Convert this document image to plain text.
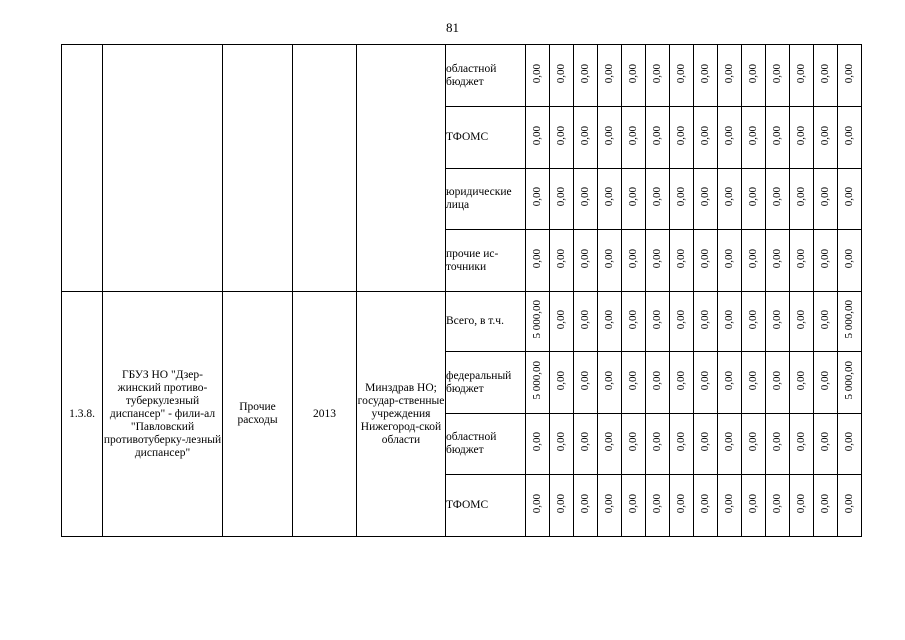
81
					областной бюджет	0,00	0,00	0,00	0,00	0,00	0,00	0,00	0,00	0,00	0,00	0,00	0,00	0,00	0,00
					ТФОМС	0,00	0,00	0,00	0,00	0,00	0,00	0,00	0,00	0,00	0,00	0,00	0,00	0,00	0,00
					юридические лица	0,00	0,00	0,00	0,00	0,00	0,00	0,00	0,00	0,00	0,00	0,00	0,00	0,00	0,00
					прочие ис-точники	0,00	0,00	0,00	0,00	0,00	0,00	0,00	0,00	0,00	0,00	0,00	0,00	0,00	0,00
1.3.8.	ГБУЗ НО "Дзер-жинский противо-туберкулезный диспансер" - фили-ал "Павловский противотуберку-лезный диспансер"	Прочие расходы	2013	Минздрав НО; государ-ственные учреждения Нижегород-ской области	Всего, в т.ч.	5 000,00	0,00	0,00	0,00	0,00	0,00	0,00	0,00	0,00	0,00	0,00	0,00	0,00	5 000,00
					федеральный бюджет	5 000,00	0,00	0,00	0,00	0,00	0,00	0,00	0,00	0,00	0,00	0,00	0,00	0,00	5 000,00
					областной бюджет	0,00	0,00	0,00	0,00	0,00	0,00	0,00	0,00	0,00	0,00	0,00	0,00	0,00	0,00
					ТФОМС	0,00	0,00	0,00	0,00	0,00	0,00	0,00	0,00	0,00	0,00	0,00	0,00	0,00	0,00
